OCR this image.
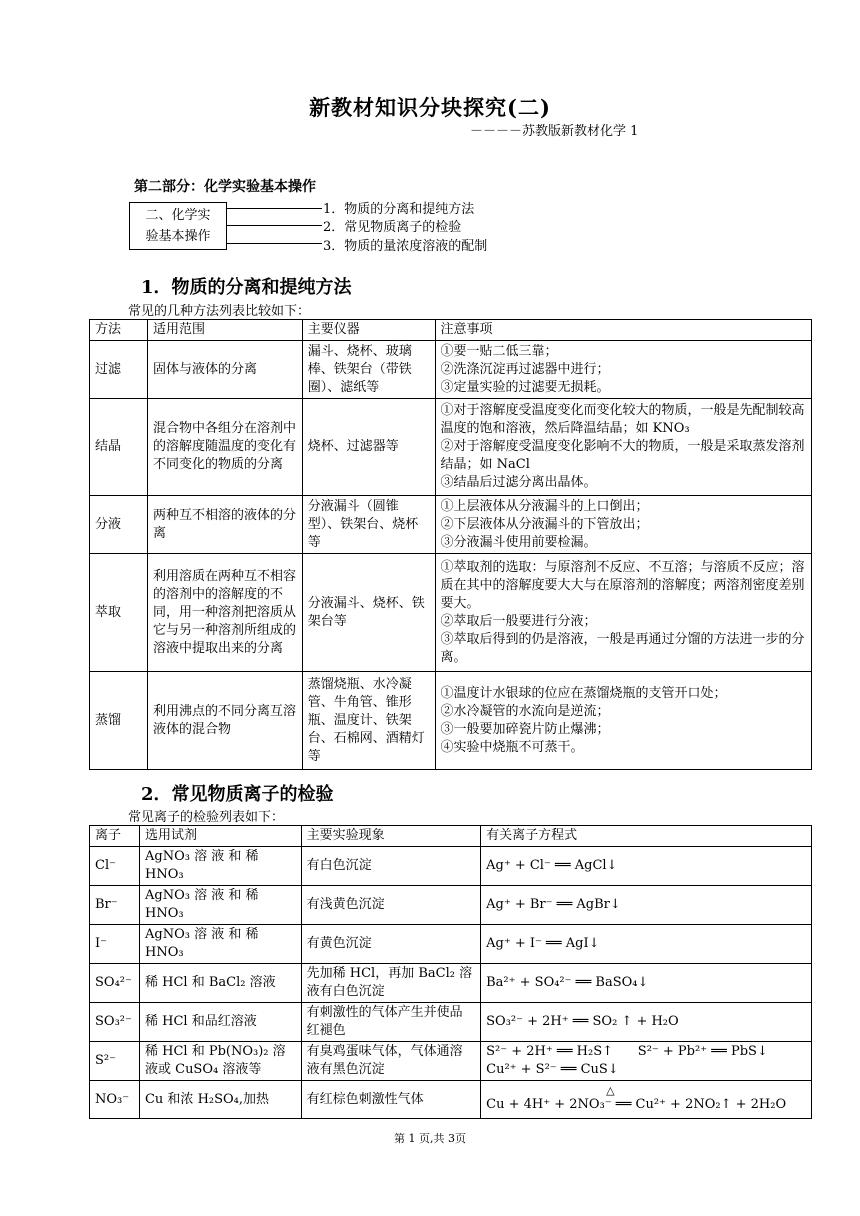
新教材知识分块探究(二)
－－－－苏教版新教材化学 1
第二部分：化学实验基本操作
二、化学实
验基本操作
1．物质的分离和提纯方法
2．常见物质离子的检验
3．物质的量浓度溶液的配制
1．物质的分离和提纯方法
常见的几种方法列表比较如下：
方法	适用范围	主要仪器	注意事项
过滤	固体与液体的分离	漏斗、烧杯、玻璃棒、铁架台（带铁圈）、滤纸等	①要一贴二低三靠；
②洗涤沉淀再过滤器中进行；
③定量实验的过滤要无损耗。

结晶	混合物中各组分在溶剂中的溶解度随温度的变化有不同变化的物质的分离	烧杯、过滤器等	①对于溶解度受温度变化而变化较大的物质，一般是先配制较高温度的饱和溶液，然后降温结晶；如 KNO₃
②对于溶解度受温度变化影响不大的物质，一般是采取蒸发溶剂结晶；如 NaCl
③结晶后过滤分离出晶体。

分液	两种互不相溶的液体的分离	分液漏斗（圆锥型）、铁架台、烧杯等	①上层液体从分液漏斗的上口倒出；
②下层液体从分液漏斗的下管放出；
③分液漏斗使用前要检漏。

萃取	利用溶质在两种互不相容的溶剂中的溶解度的不同，用一种溶剂把溶质从它与另一种溶剂所组成的溶液中提取出来的分离	分液漏斗、烧杯、铁架台等	①萃取剂的选取：与原溶剂不反应、不互溶；与溶质不反应；溶质在其中的溶解度要大大与在原溶剂的溶解度；两溶剂密度差别要大。
②萃取后一般要进行分液；
③萃取后得到的仍是溶液，一般是再通过分馏的方法进一步的分离。

蒸馏	利用沸点的不同分离互溶液体的混合物	蒸馏烧瓶、水冷凝管、牛角管、锥形瓶、温度计、铁架台、石棉网、酒精灯等	①温度计水银球的位应在蒸馏烧瓶的支管开口处；
②水冷凝管的水流向是逆流；
③一般要加碎瓷片防止爆沸；
④实验中烧瓶不可蒸干。
2．常见物质离子的检验
常见离子的检验列表如下：
离子	选用试剂	主要实验现象	有关离子方程式
Cl⁻	AgNO₃ 溶 液 和 稀 HNO₃	有白色沉淀	Ag⁺ + Cl⁻ ══ AgCl↓
Br⁻	AgNO₃ 溶 液 和 稀 HNO₃	有浅黄色沉淀	Ag⁺ + Br⁻ ══ AgBr↓
I⁻	AgNO₃ 溶 液 和 稀 HNO₃	有黄色沉淀	Ag⁺ + I⁻ ══ AgI↓
SO₄²⁻	稀 HCl 和 BaCl₂ 溶液	先加稀 HCl，再加 BaCl₂ 溶液有白色沉淀	Ba²⁺ + SO₄²⁻ ══ BaSO₄↓
SO₃²⁻	稀 HCl 和品红溶液	有刺激性的气体产生并使品红褪色	SO₃²⁻ + 2H⁺ ══ SO₂ ↑ + H₂O
S²⁻	稀 HCl 和 Pb(NO₃)₂ 溶液或 CuSO₄ 溶液等	有臭鸡蛋味气体，气体通溶液有黑色沉淀	S²⁻ + 2H⁺ ══ H₂S↑      S²⁻ + Pb²⁺ ══ PbS↓
Cu²⁺ + S²⁻ ══ CuS↓

NO₃⁻	Cu 和浓 H₂SO₄,加热	有红棕色刺激性气体	△
Cu + 4H⁺ + 2NO₃⁻ ══ Cu²⁺ + 2NO₂↑ + 2H₂O
第 1 页,共 3页
